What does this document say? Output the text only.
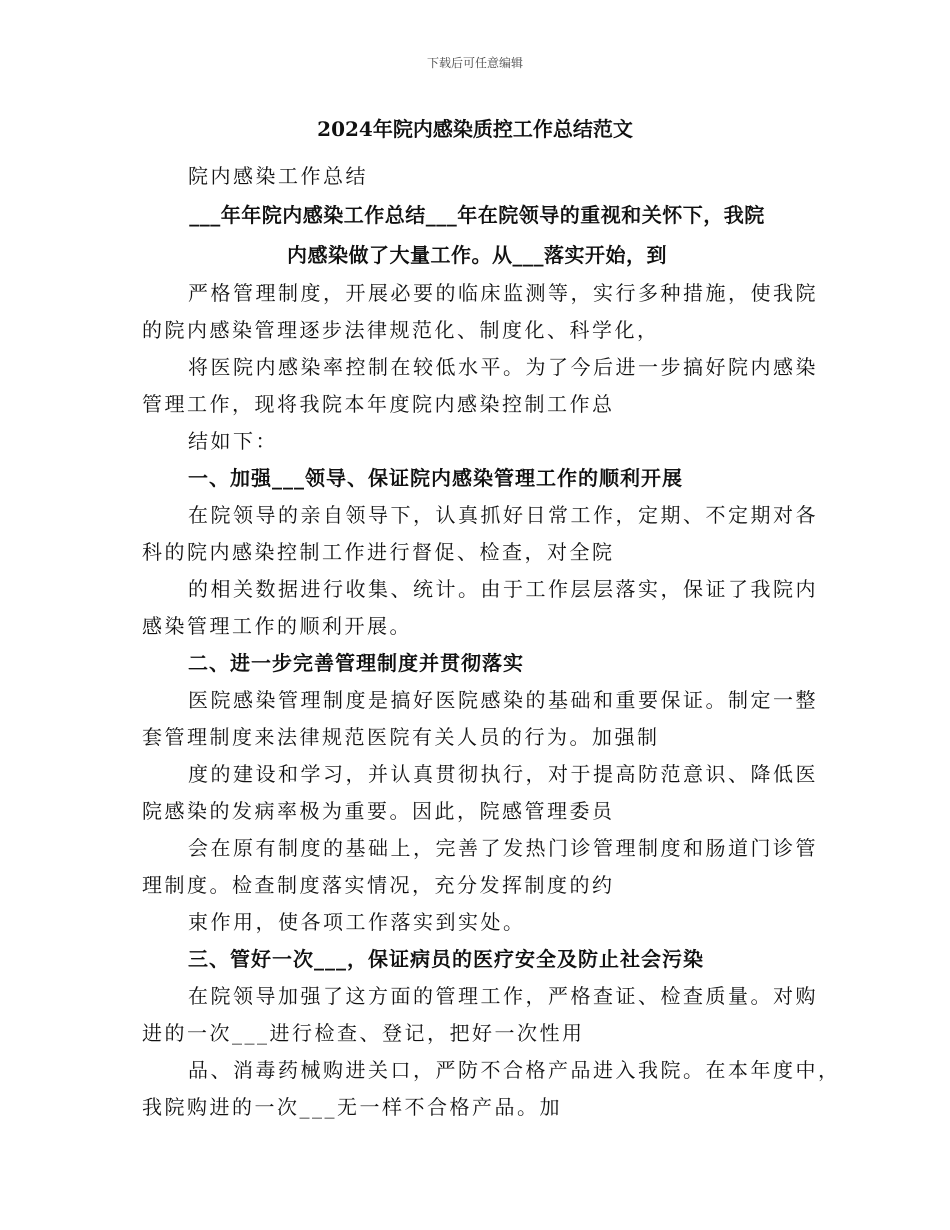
下载后可任意编辑
2024年院内感染质控工作总结范文

院内感染工作总结

___年年院内感染工作总结___年在院领导的重视和关怀下，我院

内感染做了大量工作。从___落实开始，到

严格管理制度，开展必要的临床监测等，实行多种措施，使我院

的院内感染管理逐步法律规范化、制度化、科学化，

将医院内感染率控制在较低水平。为了今后进一步搞好院内感染

管理工作，现将我院本年度院内感染控制工作总

结如下：

一、加强___领导、保证院内感染管理工作的顺利开展

在院领导的亲自领导下，认真抓好日常工作，定期、不定期对各

科的院内感染控制工作进行督促、检查，对全院

的相关数据进行收集、统计。由于工作层层落实，保证了我院内

感染管理工作的顺利开展。

二、进一步完善管理制度并贯彻落实

医院感染管理制度是搞好医院感染的基础和重要保证。制定一整

套管理制度来法律规范医院有关人员的行为。加强制

度的建设和学习，并认真贯彻执行，对于提高防范意识、降低医

院感染的发病率极为重要。因此，院感管理委员

会在原有制度的基础上，完善了发热门诊管理制度和肠道门诊管

理制度。检查制度落实情况，充分发挥制度的约

束作用，使各项工作落实到实处。

三、管好一次___，保证病员的医疗安全及防止社会污染

在院领导加强了这方面的管理工作，严格查证、检查质量。对购

进的一次___进行检查、登记，把好一次性用

品、消毒药械购进关口，严防不合格产品进入我院。在本年度中，

我院购进的一次___无一样不合格产品。加
